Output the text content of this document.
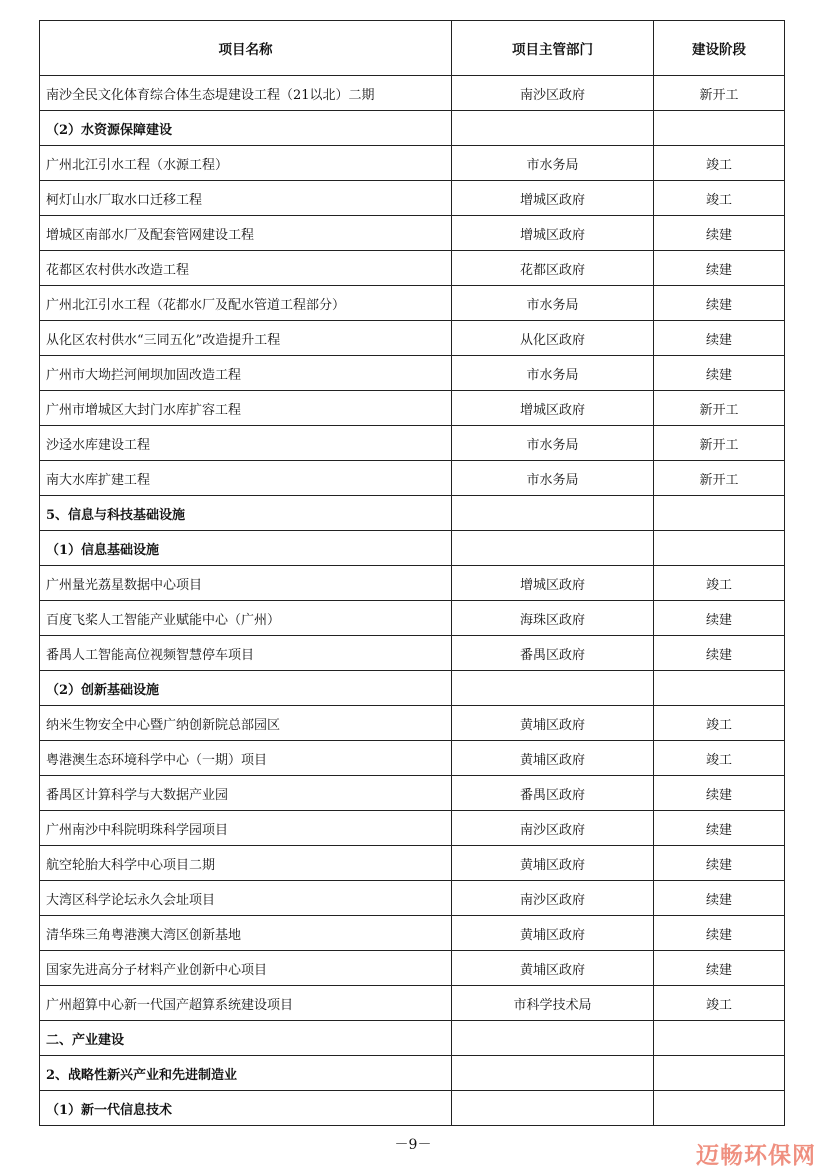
项目名称	项目主管部门	建设阶段
南沙全民文化体育综合体生态堤建设工程（21以北）二期	南沙区政府	新开工
（2）水资源保障建设		
广州北江引水工程（水源工程）	市水务局	竣工
柯灯山水厂取水口迁移工程	增城区政府	竣工
增城区南部水厂及配套管网建设工程	增城区政府	续建
花都区农村供水改造工程	花都区政府	续建
广州北江引水工程（花都水厂及配水管道工程部分）	市水务局	续建
从化区农村供水“三同五化”改造提升工程	从化区政府	续建
广州市大坳拦河闸坝加固改造工程	市水务局	续建
广州市增城区大封门水库扩容工程	增城区政府	新开工
沙迳水库建设工程	市水务局	新开工
南大水库扩建工程	市水务局	新开工
5、信息与科技基础设施		
（1）信息基础设施		
广州量光荔星数据中心项目	增城区政府	竣工
百度飞桨人工智能产业赋能中心（广州）	海珠区政府	续建
番禺人工智能高位视频智慧停车项目	番禺区政府	续建
（2）创新基础设施		
纳米生物安全中心暨广纳创新院总部园区	黄埔区政府	竣工
粤港澳生态环境科学中心（一期）项目	黄埔区政府	竣工
番禺区计算科学与大数据产业园	番禺区政府	续建
广州南沙中科院明珠科学园项目	南沙区政府	续建
航空轮胎大科学中心项目二期	黄埔区政府	续建
大湾区科学论坛永久会址项目	南沙区政府	续建
清华珠三角粤港澳大湾区创新基地	黄埔区政府	续建
国家先进高分子材料产业创新中心项目	黄埔区政府	续建
广州超算中心新一代国产超算系统建设项目	市科学技术局	竣工
二、产业建设		
2、战略性新兴产业和先进制造业		
（1）新一代信息技术		
－9－	迈畅环保网
